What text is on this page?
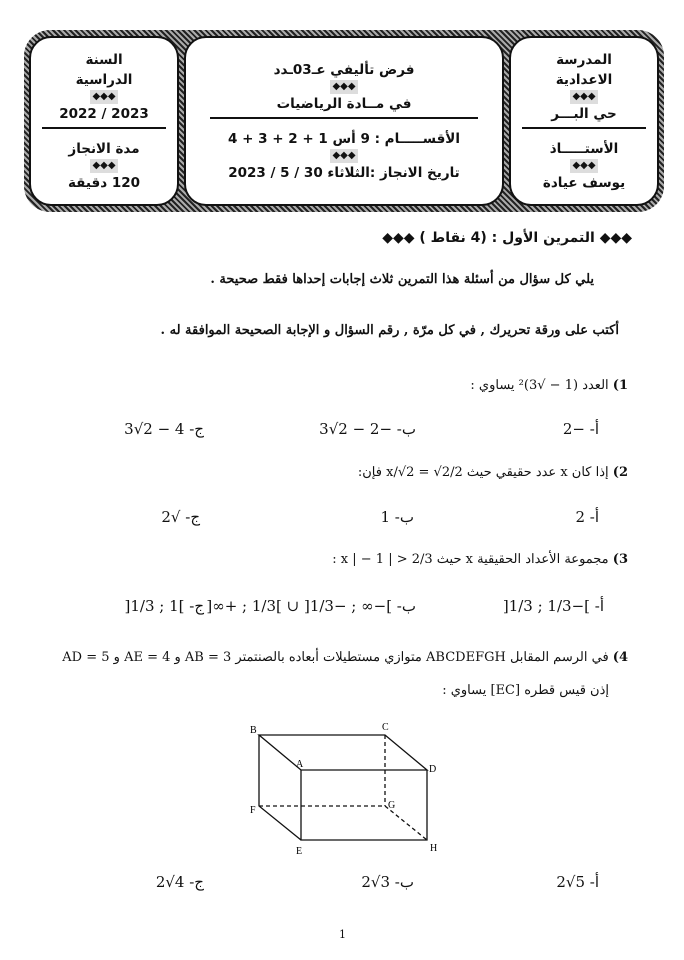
المدرسة
الاعدادية
◆◆◆
حي البـــر
الأستـــــاذ
◆◆◆
يوسف عيادة
فرض تأليفي عـ03ـدد
◆◆◆
في مــادة الرياضيات
الأقســـــام : 9 أس 1 + 2 + 3 + 4
◆◆◆
تاريخ الانجاز :الثلاثاء 30 / 5 / 2023
السنة
الدراسية
◆◆◆
2023 / 2022
مدة الانجاز
◆◆◆
120 دقيقة
◆◆◆ التمرين الأول : (4 نقاط ) ◆◆◆
يلي كل سؤال من أسئلة هذا التمرين ثلاث إجابات إحداها فقط صحيحة .
أكتب على ورقة تحريرك , في كل مرّة , رقم السؤال و الإجابة الصحيحة الموافقة له .
1) العدد (1 − √3)² يساوي :
أ- −2
ب- −2 − 2√3
ج- 4 − 2√3
2) إذا كان x عدد حقيقي حيث x/√2 = √2/2 فإن:
أ- 2
ب- 1
ج- √2
3) مجموعة الأعداد الحقيقية x حيث 2/3 < | x | − 1 :
أ- ]−1/3 ; 1/3[
ب- ]−∞ ; −1/3[ ∪ ]1/3 ; +∞[
ج- ]1 ; 1/3[
4) في الرسم المقابل ABCDEFGH متوازي مستطيلات أبعاده بالصنتمتر AB = 3 و AE = 4 و AD = 5
إذن قيس قطره [EC] يساوي :
A
B	C
D
E
F	G
H
أ- 5√2
ب- 3√2
ج- 4√2
1
